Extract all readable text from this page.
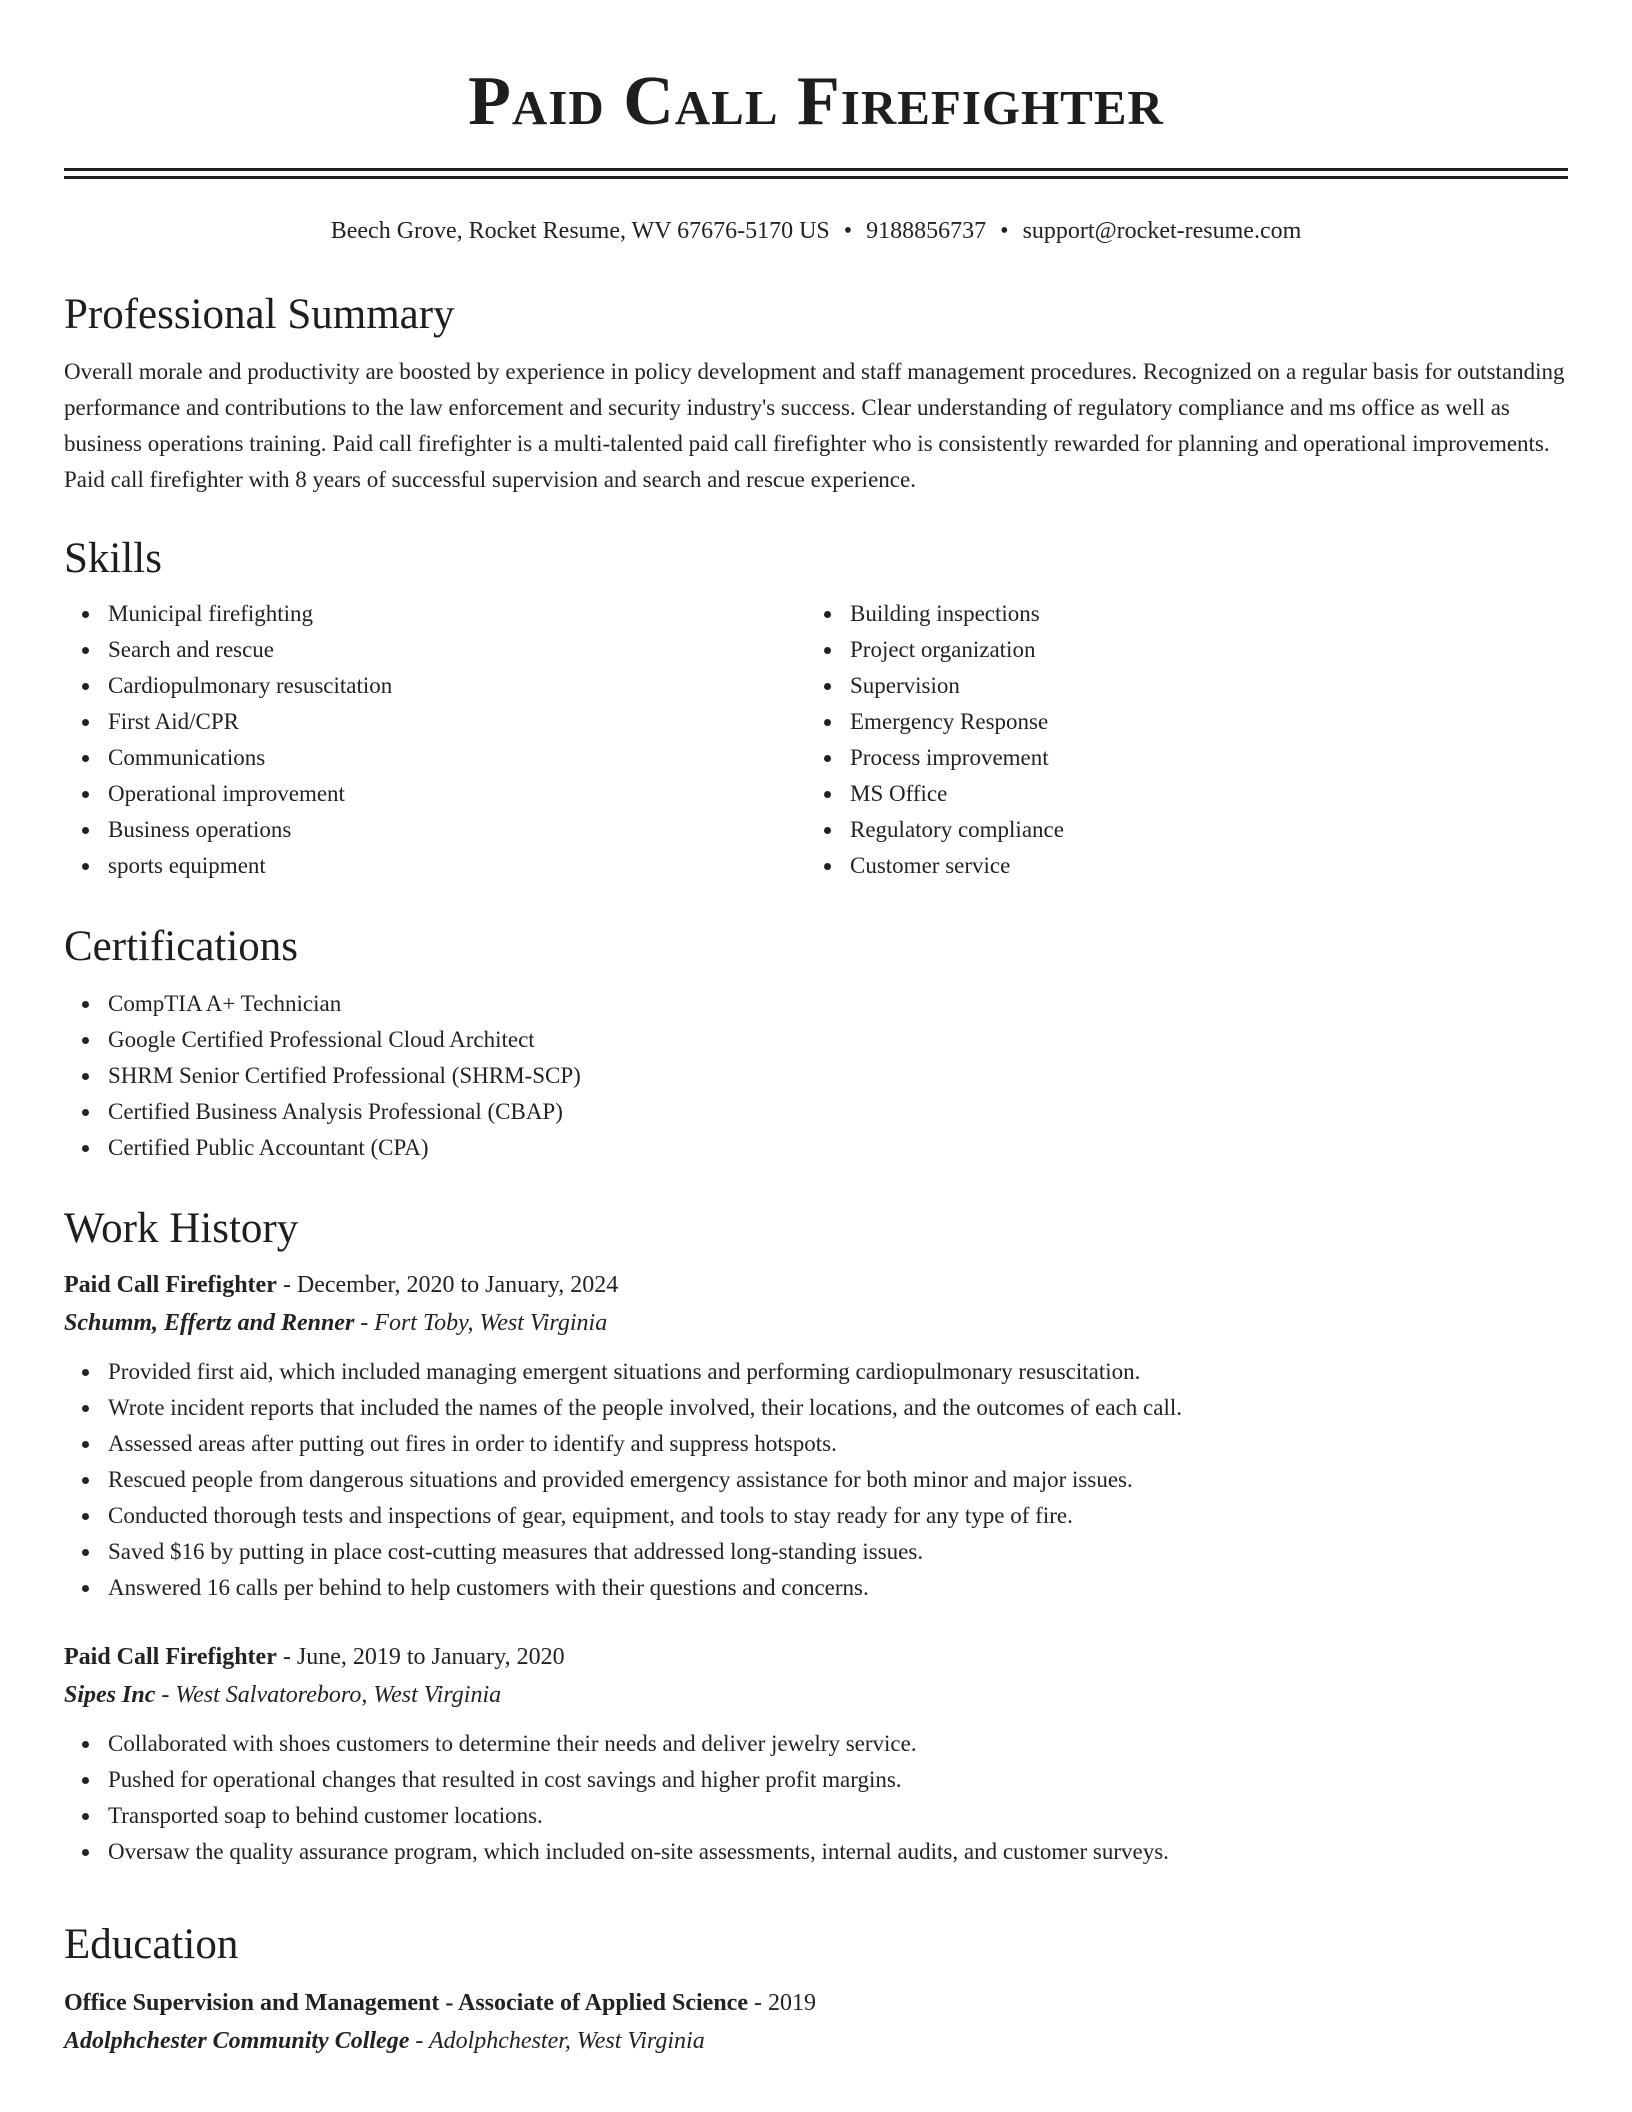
Paid Call Firefighter
Beech Grove, Rocket Resume, WV 67676-5170 US • 9188856737 • support@rocket-resume.com
Professional Summary

Overall morale and productivity are boosted by experience in policy development and staff management procedures. Recognized on a regular basis for outstanding performance and contributions to the law enforcement and security industry's success. Clear understanding of regulatory compliance and ms office as well as business operations training. Paid call firefighter is a multi-talented paid call firefighter who is consistently rewarded for planning and operational improvements. Paid call firefighter with 8 years of successful supervision and search and rescue experience.

Skills
Municipal firefighting
Search and rescue
Cardiopulmonary resuscitation
First Aid/CPR
Communications
Operational improvement
Business operations
sports equipment
Building inspections
Project organization
Supervision
Emergency Response
Process improvement
MS Office
Regulatory compliance
Customer service
Certifications
CompTIA A+ Technician
Google Certified Professional Cloud Architect
SHRM Senior Certified Professional (SHRM-SCP)
Certified Business Analysis Professional (CBAP)
Certified Public Accountant (CPA)
Work History
Paid Call Firefighter - December, 2020 to January, 2024
Schumm, Effertz and Renner - Fort Toby, West Virginia
Provided first aid, which included managing emergent situations and performing cardiopulmonary resuscitation.
Wrote incident reports that included the names of the people involved, their locations, and the outcomes of each call.
Assessed areas after putting out fires in order to identify and suppress hotspots.
Rescued people from dangerous situations and provided emergency assistance for both minor and major issues.
Conducted thorough tests and inspections of gear, equipment, and tools to stay ready for any type of fire.
Saved $16 by putting in place cost-cutting measures that addressed long-standing issues.
Answered 16 calls per behind to help customers with their questions and concerns.
Paid Call Firefighter - June, 2019 to January, 2020
Sipes Inc - West Salvatoreboro, West Virginia
Collaborated with shoes customers to determine their needs and deliver jewelry service.
Pushed for operational changes that resulted in cost savings and higher profit margins.
Transported soap to behind customer locations.
Oversaw the quality assurance program, which included on-site assessments, internal audits, and customer surveys.
Education
Office Supervision and Management - Associate of Applied Science - 2019
Adolphchester Community College - Adolphchester, West Virginia
